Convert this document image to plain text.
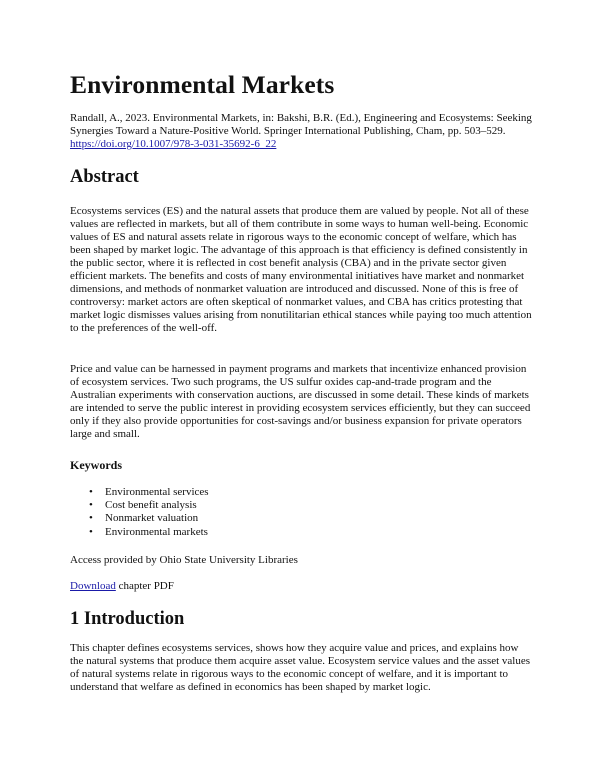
Environmental Markets

Randall, A., 2023. Environmental Markets, in: Bakshi, B.R. (Ed.), Engineering and Ecosystems: Seeking Synergies Toward a Nature-Positive World. Springer International Publishing, Cham, pp. 503–529. https://doi.org/10.1007/978-3-031-35692-6_22

Abstract

Ecosystems services (ES) and the natural assets that produce them are valued by people. Not all of these values are reflected in markets, but all of them contribute in some ways to human well-being. Economic values of ES and natural assets relate in rigorous ways to the economic concept of welfare, which has been shaped by market logic. The advantage of this approach is that efficiency is defined consistently in the public sector, where it is reflected in cost benefit analysis (CBA) and in the private sector given efficient markets. The benefits and costs of many environmental initiatives have market and nonmarket dimensions, and methods of nonmarket valuation are introduced and discussed. None of this is free of controversy: market actors are often skeptical of nonmarket values, and CBA has critics protesting that market logic dismisses values arising from nonutilitarian ethical stances while paying too much attention to the preferences of the well-off.

Price and value can be harnessed in payment programs and markets that incentivize enhanced provision of ecosystem services. Two such programs, the US sulfur oxides cap-and-trade program and the Australian experiments with conservation auctions, are discussed in some detail. These kinds of markets are intended to serve the public interest in providing ecosystem services efficiently, but they can succeed only if they also provide opportunities for cost-savings and/or business expansion for private operators large and small.

Keywords
• Environmental services
• Cost benefit analysis
• Nonmarket valuation
• Environmental markets

Access provided by Ohio State University Libraries

Download chapter PDF

1 Introduction

This chapter defines ecosystems services, shows how they acquire value and prices, and explains how the natural systems that produce them acquire asset value. Ecosystem service values and the asset values of natural systems relate in rigorous ways to the economic concept of welfare, and it is important to understand that welfare as defined in economics has been shaped by market logic.
